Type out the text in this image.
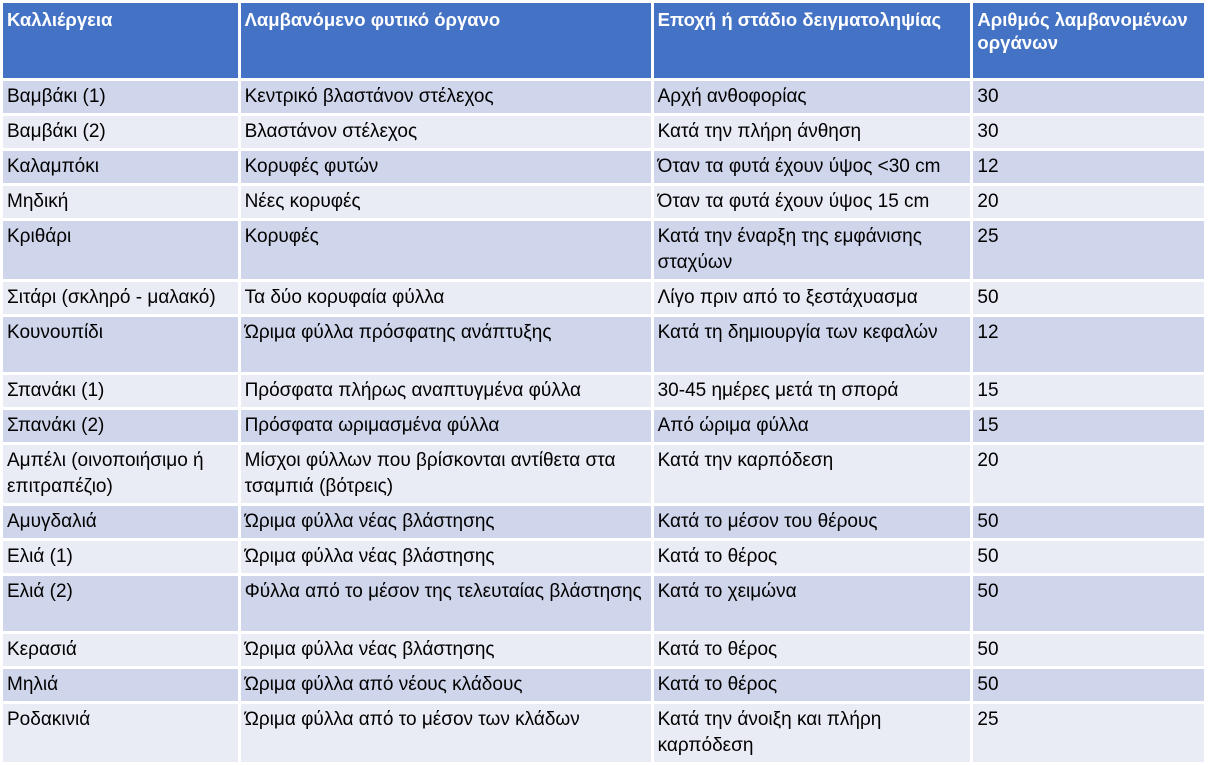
Καλλιέργεια	Λαμβανόμενο φυτικό όργανο	Εποχή ή στάδιο δειγματοληψίας	Αριθμός λαμβανομένων οργάνων
Βαμβάκι (1)	Κεντρικό βλαστάνον στέλεχος	Αρχή ανθοφορίας	30
Βαμβάκι (2)	Βλαστάνον στέλεχος	Κατά την πλήρη άνθηση	30
Καλαμπόκι	Κορυφές φυτών	Όταν τα φυτά έχουν ύψος <30 cm	12
Μηδική	Νέες κορυφές	Όταν τα φυτά έχουν ύψος 15 cm	20
Κριθάρι	Κορυφές	Κατά την έναρξη της εμφάνισης σταχύων	25
Σιτάρι (σκληρό - μαλακό)	Τα δύο κορυφαία φύλλα	Λίγο πριν από το ξεστάχυασμα	50
Κουνουπίδι	Ώριμα φύλλα πρόσφατης ανάπτυξης	Κατά τη δημιουργία των κεφαλών	12
Σπανάκι (1)	Πρόσφατα πλήρως αναπτυγμένα φύλλα	30-45 ημέρες μετά τη σπορά	15
Σπανάκι (2)	Πρόσφατα ωριμασμένα φύλλα	Από ώριμα φύλλα	15
Αμπέλι (οινοποιήσιμο ή επιτραπέζιο)	Μίσχοι φύλλων που βρίσκονται αντίθετα στα τσαμπιά (βότρεις)	Κατά την καρπόδεση	20
Αμυγδαλιά	Ώριμα φύλλα νέας βλάστησης	Κατά το μέσον του θέρους	50
Ελιά (1)	Ώριμα φύλλα νέας βλάστησης	Κατά το θέρος	50
Ελιά (2)	Φύλλα από το μέσον της τελευταίας βλάστησης	Κατά το χειμώνα	50
Κερασιά	Ώριμα φύλλα νέας βλάστησης	Κατά το θέρος	50
Μηλιά	Ώριμα φύλλα από νέους κλάδους	Κατά το θέρος	50
Ροδακινιά	Ώριμα φύλλα από το μέσον των κλάδων	Κατά την άνοιξη και πλήρη καρπόδεση	25
